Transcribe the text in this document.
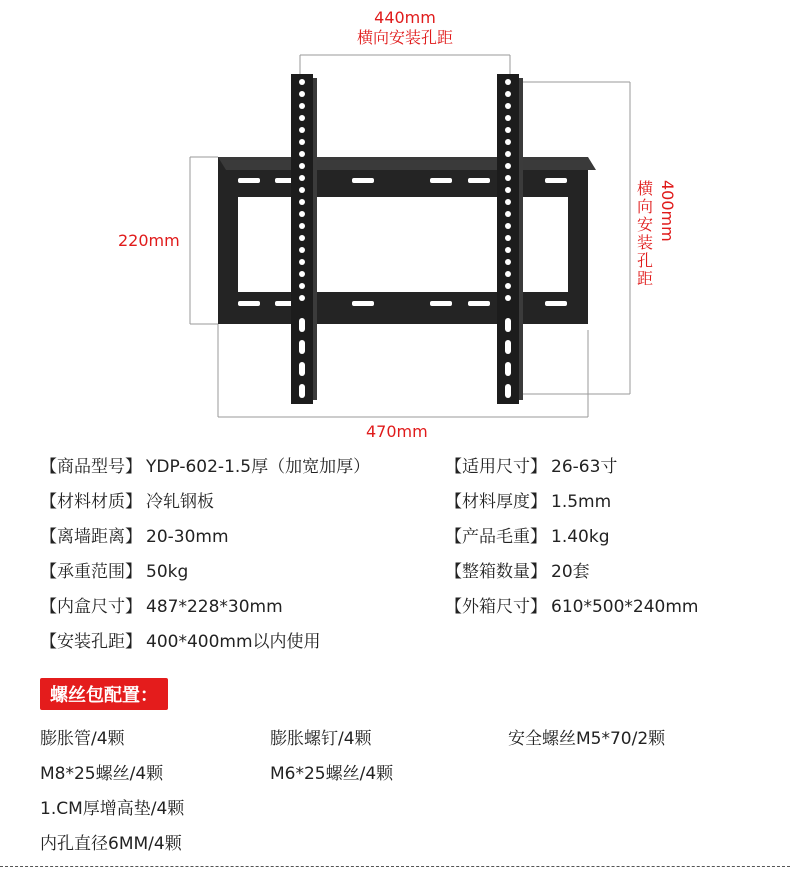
440mm
横向安装孔距
220mm
横向安装孔距
400mm
470mm
【商品型号】 YDP-602-1.5厚（加宽加厚）	【适用尺寸】 26-63寸
【材料材质】 冷轧钢板	【材料厚度】 1.5mm
【离墙距离】 20-30mm	【产品毛重】 1.40kg
【承重范围】 50kg	【整箱数量】 20套
【内盒尺寸】 487*228*30mm	【外箱尺寸】 610*500*240mm
【安装孔距】 400*400mm以内使用
螺丝包配置：
膨胀管/4颗	膨胀螺钉/4颗	安全螺丝M5*70/2颗
M8*25螺丝/4颗	M6*25螺丝/4颗
1.CM厚增高垫/4颗
内孔直径6MM/4颗
